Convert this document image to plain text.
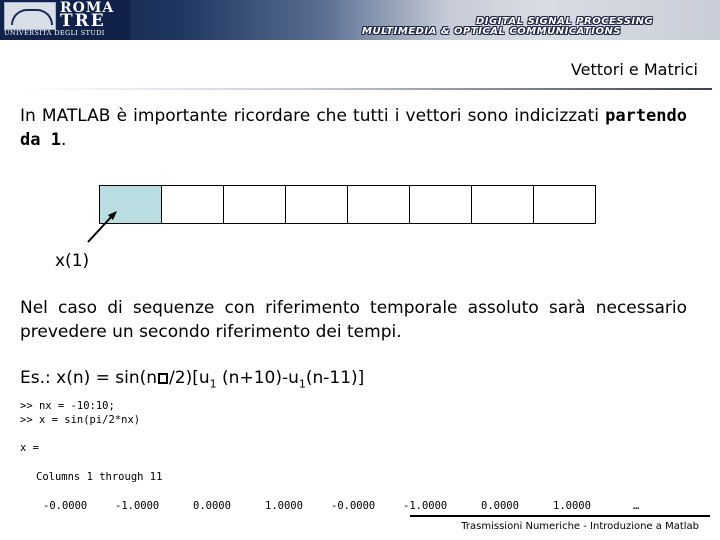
ROMA
TRE
UNIVERSITÀ DEGLI STUDI
DIGITAL SIGNAL PROCESSING
MULTIMEDIA & OPTICAL COMMUNICATIONS
Vettori e Matrici
In MATLAB è importante ricordare che tutti i vettori sono indicizzati partendo da 1.
x(1)
Nel caso di sequenze con riferimento temporale assoluto sarà necessario prevedere un secondo riferimento dei tempi.
Es.: x(n) = sin(n $/2)[u_1$ $(n+10)-u_1(n-11)$]
>> nx = -10:10;
>> x = sin(pi/2*nx)
x =
Columns 1 through 11
-0.0000	-1.0000	0.0000	1.0000	-0.0000	-1.0000	0.0000	1.0000	…
Trasmissioni Numeriche - Introduzione a Matlab
